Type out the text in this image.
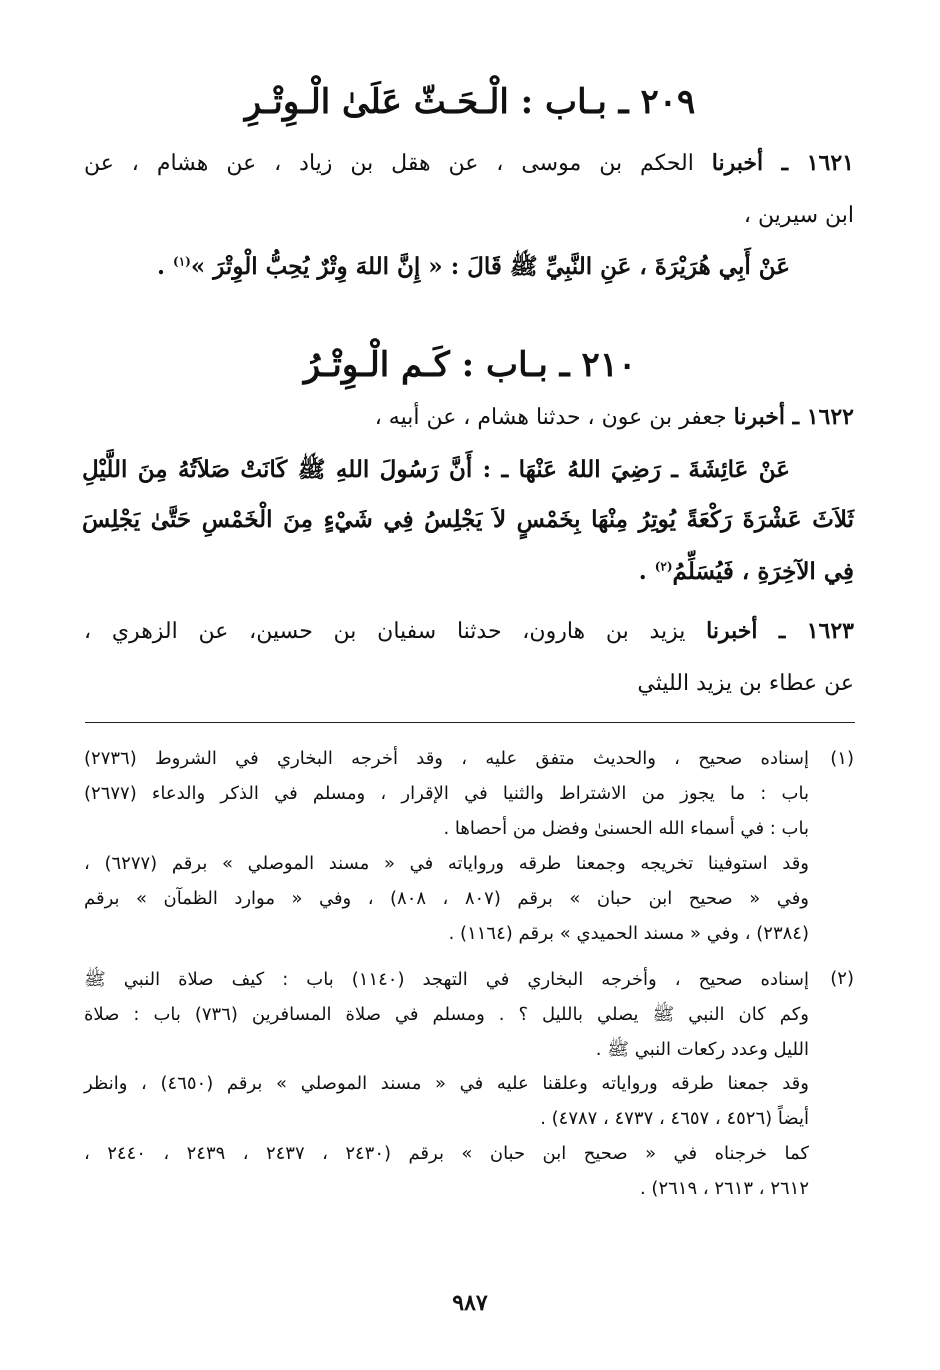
٢٠٩ ـ بـاب : الْـحَـثّ عَلَىٰ الْـوِتْـرِ
١٦٢١ ـ أخبرنا الحكم بن موسى ، عن هقل بن زياد ، عن هشام ، عن
ابن سيرين ،
عَنْ أَبِي هُرَيْرَةَ ، عَنِ النَّبِيِّ ﷺ قَالَ : « إِنَّ اللهَ وِتْرٌ يُحِبُّ الْوِتْرَ »$^{(١)}$ .
٢١٠ ـ بـاب : كَـم الْـوِتْـرُ
١٦٢٢ ـ أخبرنا جعفر بن عون ، حدثنا هشام ، عن أبيه ،
عَنْ عَائِشَةَ ـ رَضِيَ اللهُ عَنْهَا ـ : أَنَّ رَسُولَ اللهِ ﷺ كَانَتْ صَلاَتُهُ مِنَ اللَّيْلِ
ثَلاَثَ عَشْرَةَ رَكْعَةً يُوتِرُ مِنْهَا بِخَمْسٍ لاَ يَجْلِسُ فِي شَيْءٍ مِنَ الْخَمْسِ حَتَّىٰ يَجْلِسَ
فِي الآخِرَةِ ، فَيُسَلِّمُ$^{(٢)}$ .
١٦٢٣ ـ أخبرنا يزيد بن هارون، حدثنا سفيان بن حسين، عن الزهري ،
عن عطاء بن يزيد الليثي
(١)
إسناده صحيح ، والحديث متفق عليه ، وقد أخرجه البخاري في الشروط (٢٧٣٦)
باب : ما يجوز من الاشتراط والثنيا في الإقرار ، ومسلم في الذكر والدعاء (٢٦٧٧)
باب : في أسماء الله الحسنىٰ وفضل من أحصاها .
وقد استوفينا تخريجه وجمعنا طرقه ورواياته في « مسند الموصلي » برقم (٦٢٧٧) ،
وفي « صحيح ابن حبان » برقم (٨٠٧ ، ٨٠٨) ، وفي « موارد الظمآن » برقم
(٢٣٨٤) ، وفي « مسند الحميدي » برقم (١١٦٤) .
(٢)
إسناده صحيح ، وأخرجه البخاري في التهجد (١١٤٠) باب : كيف صلاة النبي ﷺ
وكم كان النبي ﷺ يصلي بالليل ؟ . ومسلم في صلاة المسافرين (٧٣٦) باب : صلاة
الليل وعدد ركعات النبي ﷺ .
وقد جمعنا طرقه ورواياته وعلقنا عليه في « مسند الموصلي » برقم (٤٦٥٠) ، وانظر
أيضاً (٤٥٢٦ ، ٤٦٥٧ ، ٤٧٣٧ ، ٤٧٨٧) .
كما خرجناه في « صحيح ابن حبان » برقم (٢٤٣٠ ، ٢٤٣٧ ، ٢٤٣٩ ، ٢٤٤٠ ،
٢٦١٢ ، ٢٦١٣ ، ٢٦١٩) .
٩٨٧
